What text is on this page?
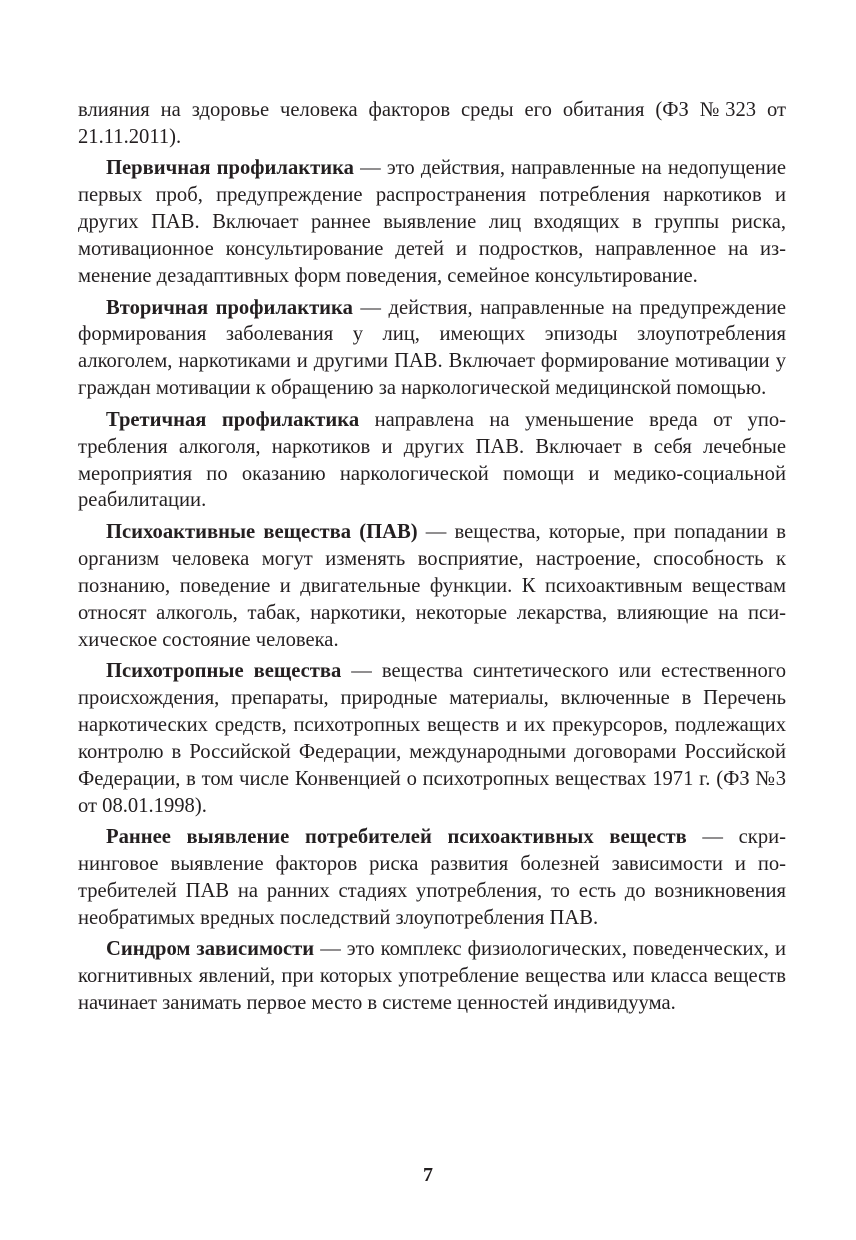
влияния на здоровье человека факторов среды его обитания (ФЗ №323 от 21.11.2011).

Первичная профилактика — это действия, направленные на недопущение первых проб, предупреждение распространения потребления наркотиков и других ПАВ. Включает раннее выявление лиц входящих в группы риска, мотивационное консультирование детей и подростков, направленное на изменение дезадаптивных форм поведения, семейное консультирование.

Вторичная профилактика — действия, направленные на предупреждение формирования заболевания у лиц, имеющих эпизоды злоупотребления алкоголем, наркотиками и другими ПАВ. Включает формирование мотивации у граждан мотивации к обращению за наркологической медицинской помощью.

Третичная профилактика направлена на уменьшение вреда от употребления алкоголя, наркотиков и других ПАВ. Включает в себя лечебные мероприятия по оказанию наркологической помощи и медико-социальной реабилитации.

Психоактивные вещества (ПАВ) — вещества, которые, при попадании в организм человека могут изменять восприятие, настроение, способность к познанию, поведение и двигательные функции. К психоактивным веществам относят алкоголь, табак, наркотики, некоторые лекарства, влияющие на психическое состояние человека.

Психотропные вещества — вещества синтетического или естественного происхождения, препараты, природные материалы, включенные в Перечень наркотических средств, психотропных веществ и их прекурсоров, подлежащих контролю в Российской Федерации, международными договорами Российской Федерации, в том числе Конвенцией о психотропных веществах 1971 г. (ФЗ №3 от 08.01.1998).

Раннее выявление потребителей психоактивных веществ — скрининговое выявление факторов риска развития болезней зависимости и потребителей ПАВ на ранних стадиях употребления, то есть до возникновения необратимых вредных последствий злоупотребления ПАВ.

Синдром зависимости — это комплекс физиологических, поведенческих, и когнитивных явлений, при которых употребление вещества или класса веществ начинает занимать первое место в системе ценностей индивидуума.

7
